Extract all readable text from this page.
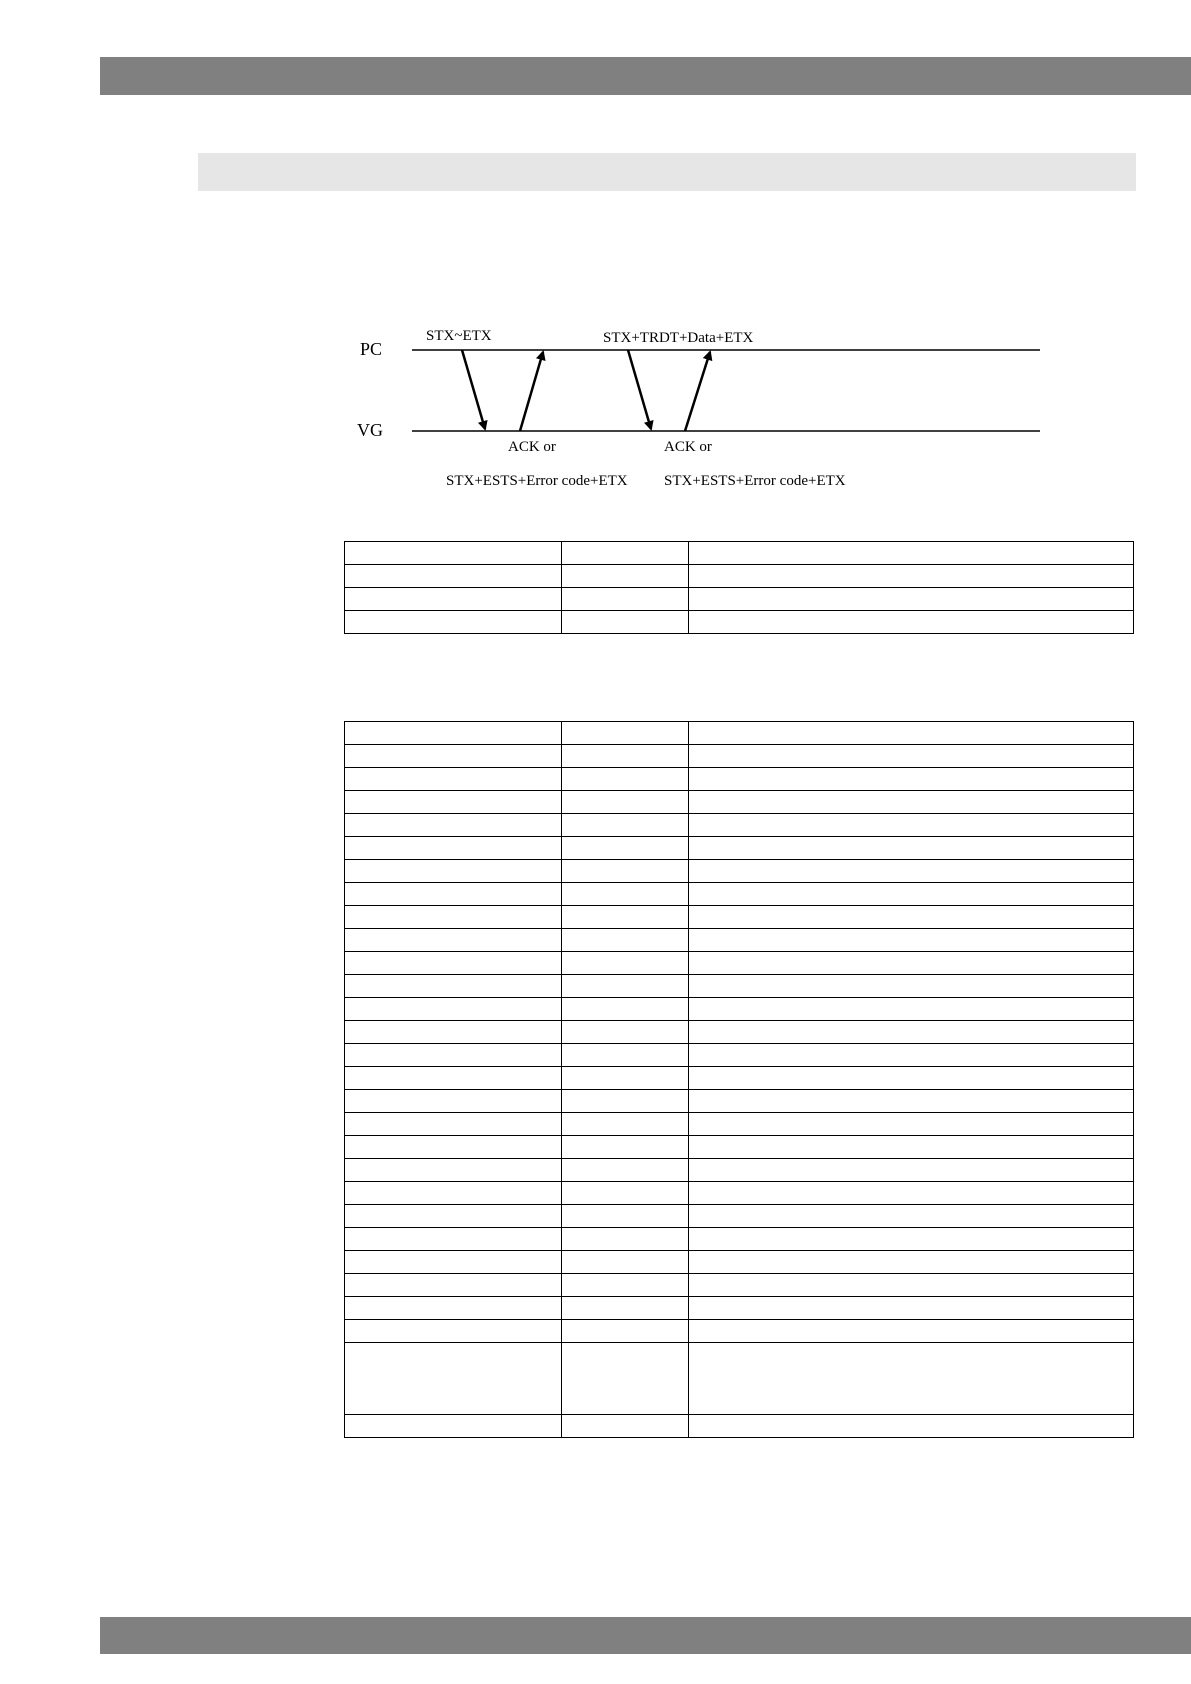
PC
VG
STX~ETX	STX+TRDT+Data+ETX
ACK or
STX+ESTS+Error code+ETX
ACK or
STX+ESTS+Error code+ETX
